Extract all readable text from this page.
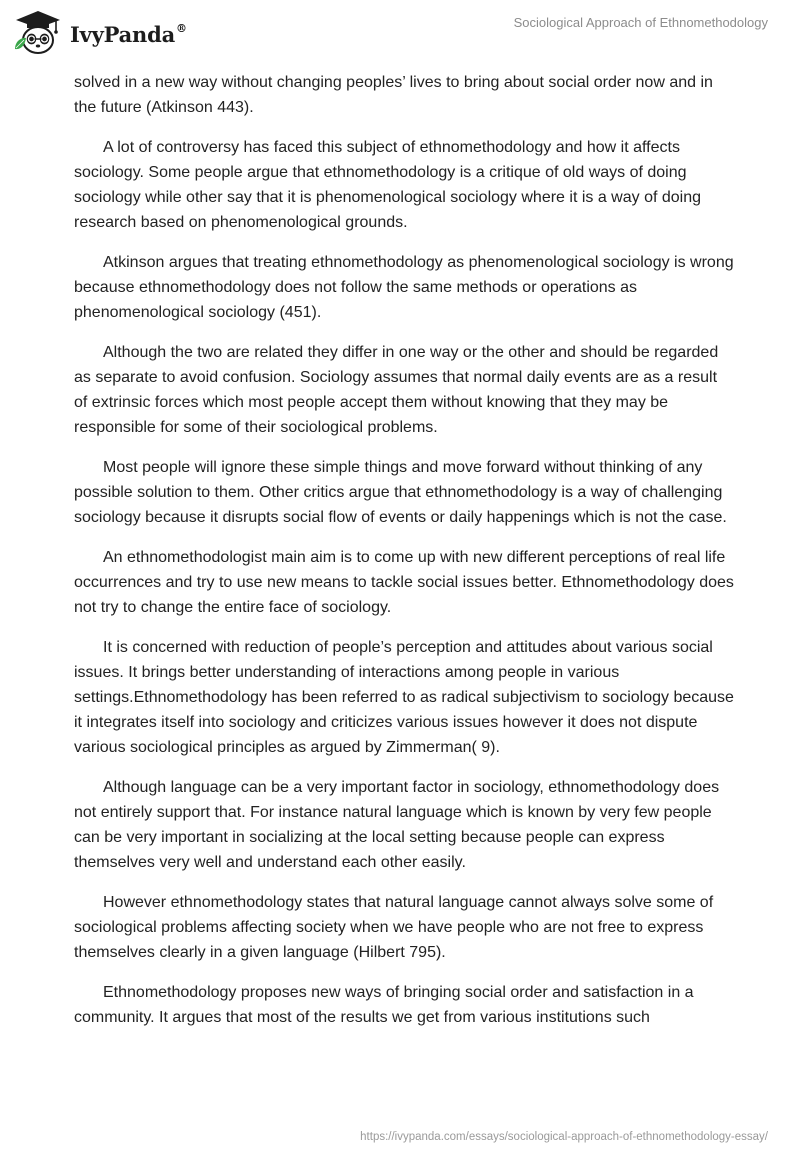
IvyPanda®	Sociological Approach of Ethnomethodology

solved in a new way without changing peoples’ lives to bring about social order now and in the future (Atkinson 443).

A lot of controversy has faced this subject of ethnomethodology and how it affects sociology. Some people argue that ethnomethodology is a critique of old ways of doing sociology while other say that it is phenomenological sociology where it is a way of doing research based on phenomenological grounds.

Atkinson argues that treating ethnomethodology as phenomenological sociology is wrong because ethnomethodology does not follow the same methods or operations as phenomenological sociology (451).

Although the two are related they differ in one way or the other and should be regarded as separate to avoid confusion. Sociology assumes that normal daily events are as a result of extrinsic forces which most people accept them without knowing that they may be responsible for some of their sociological problems.

Most people will ignore these simple things and move forward without thinking of any possible solution to them. Other critics argue that ethnomethodology is a way of challenging sociology because it disrupts social flow of events or daily happenings which is not the case.

An ethnomethodologist main aim is to come up with new different perceptions of real life occurrences and try to use new means to tackle social issues better. Ethnomethodology does not try to change the entire face of sociology.

It is concerned with reduction of people’s perception and attitudes about various social issues. It brings better understanding of interactions among people in various settings.Ethnomethodology has been referred to as radical subjectivism to sociology because it integrates itself into sociology and criticizes various issues however it does not dispute various sociological principles as argued by Zimmerman( 9).

Although language can be a very important factor in sociology, ethnomethodology does not entirely support that. For instance natural language which is known by very few people can be very important in socializing at the local setting because people can express themselves very well and understand each other easily.

However ethnomethodology states that natural language cannot always solve some of sociological problems affecting society when we have people who are not free to express themselves clearly in a given language (Hilbert 795).

Ethnomethodology proposes new ways of bringing social order and satisfaction in a community. It argues that most of the results we get from various institutions such

https://ivypanda.com/essays/sociological-approach-of-ethnomethodology-essay/
